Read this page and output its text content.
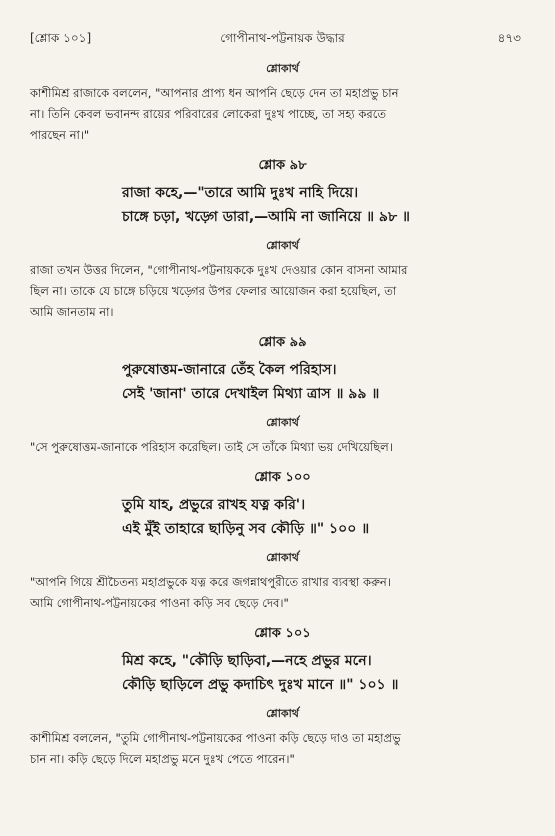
[শ্লোক ১০১]	গোপীনাথ-পট্টনায়ক উদ্ধার	৪৭৩
শ্লোকার্থ
কাশীমিশ্র রাজাকে বললেন, "আপনার প্রাপ্য ধন আপনি ছেড়ে দেন তা মহাপ্রভু চান
না। তিনি কেবল ভবানন্দ রায়ের পরিবারের লোকেরা দুঃখ পাচ্ছে, তা সহ্য করতে
পারছেন না।"
শ্লোক ৯৮
রাজা কহে,—"তারে আমি দুঃখ নাহি দিয়ে।
চাঙ্গে চড়া, খড়্গে ডারা,—আমি না জানিয়ে ॥ ৯৮ ॥
শ্লোকার্থ
রাজা তখন উত্তর দিলেন, "গোপীনাথ-পট্টনায়ককে দুঃখ দেওয়ার কোন বাসনা আমার
ছিল না। তাকে যে চাঙ্গে চড়িয়ে খড়্গের উপর ফেলার আয়োজন করা হয়েছিল, তা
আমি জানতাম না।
শ্লোক ৯৯
পুরুষোত্তম-জানারে তেঁহ কৈল পরিহাস।
সেই 'জানা' তারে দেখাইল মিথ্যা ত্রাস ॥ ৯৯ ॥
শ্লোকার্থ
"সে পুরুষোত্তম-জানাকে পরিহাস করেছিল। তাই সে তাঁকে মিথ্যা ভয় দেখিয়েছিল।
শ্লোক ১০০
তুমি যাহ, প্রভুরে রাখহ যত্ন করি'।
এই মুঁই তাহারে ছাড়িনু সব কৌড়ি ॥" ১০০ ॥
শ্লোকার্থ
"আপনি গিয়ে শ্রীচৈতন্য মহাপ্রভুকে যত্ন করে জগন্নাথপুরীতে রাখার ব্যবস্থা করুন।
আমি গোপীনাথ-পট্টনায়কের পাওনা কড়ি সব ছেড়ে দেব।"
শ্লোক ১০১
মিশ্র কহে, "কৌড়ি ছাড়িবা,—নহে প্রভুর মনে।
কৌড়ি ছাড়িলে প্রভু কদাচিৎ দুঃখ মানে ॥" ১০১ ॥
শ্লোকার্থ
কাশীমিশ্র বললেন, "তুমি গোপীনাথ-পট্টনায়কের পাওনা কড়ি ছেড়ে দাও তা মহাপ্রভু
চান না। কড়ি ছেড়ে দিলে মহাপ্রভু মনে দুঃখ পেতে পারেন।"
